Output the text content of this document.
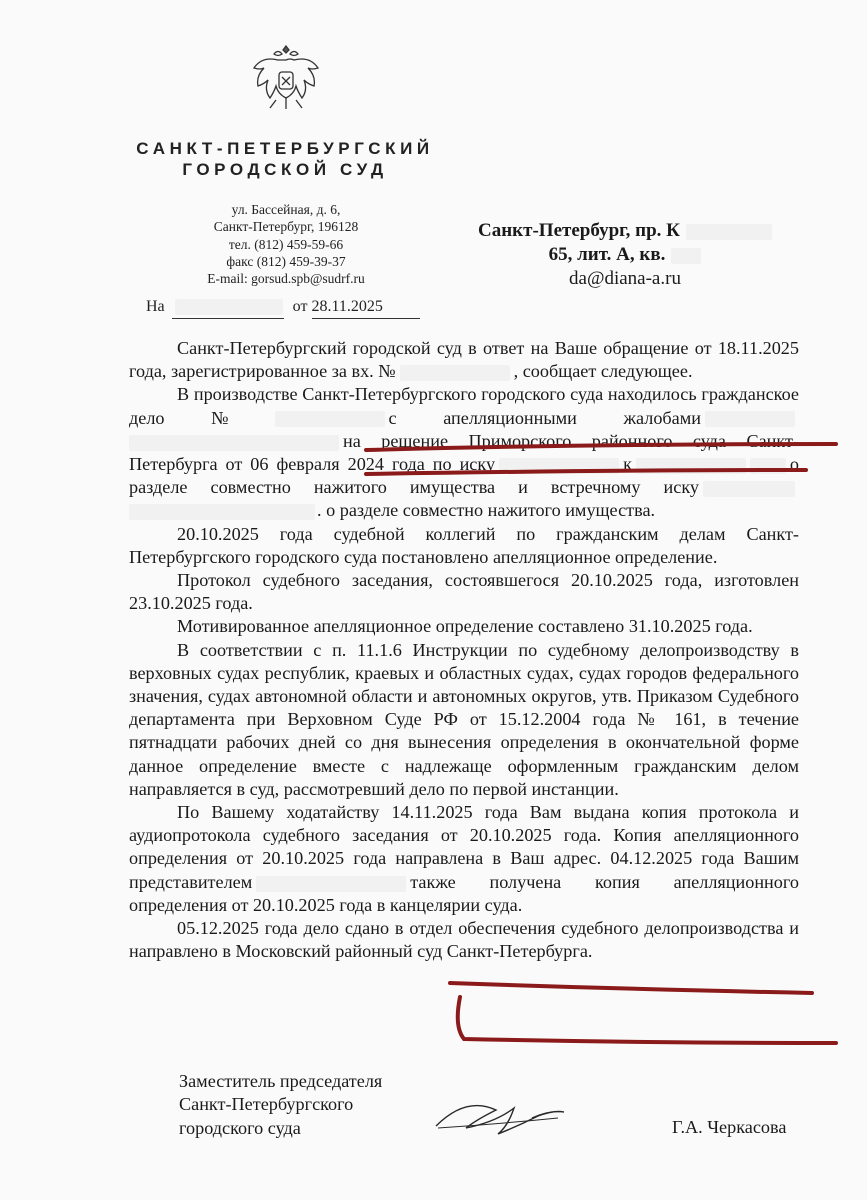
САНКТ-ПЕТЕРБУРГСКИЙ
ГОРОДСКОЙ СУД
ул. Бассейная, д. 6,
Санкт-Петербург, 196128
тел. (812) 459-59-66
факс (812) 459-39-37
E-mail: gorsud.spb@sudrf.ru
Санкт-Петербург, пр. К
65, лит. А, кв.
da@diana-a.ru
На	от 28.11.2025

Санкт-Петербургский городской суд в ответ на Ваше обращение от 18.11.2025 года, зарегистрированное за вх. №	, сообщает следующее.

В производстве Санкт-Петербургского городского суда находилось гражданское дело №	с апелляционными жалобамина решение Приморского районного суда Санкт-Петербурга от 06 февраля 2024 года по иску	к	о разделе совместно нажитого имущества и встречному иску. о разделе совместно нажитого имущества.

20.10.2025 года судебной коллегий по гражданским делам Санкт-Петербургского городского суда постановлено апелляционное определение.

Протокол судебного заседания, состоявшегося 20.10.2025 года, изготовлен 23.10.2025 года.

Мотивированное апелляционное определение составлено 31.10.2025 года.

В соответствии с п. 11.1.6 Инструкции по судебному делопроизводству в верховных судах республик, краевых и областных судах, судах городов федерального значения, судах автономной области и автономных округов, утв. Приказом Судебного департамента при Верховном Суде РФ от 15.12.2004 года № 161, в течение пятнадцати рабочих дней со дня вынесения определения в окончательной форме данное определение вместе с надлежаще оформленным гражданским делом направляется в суд, рассмотревший дело по первой инстанции.

По Вашему ходатайству 14.11.2025 года Вам выдана копия протокола и аудиопротокола судебного заседания от 20.10.2025 года. Копия апелляционного определения от 20.10.2025 года направлена в Ваш адрес. 04.12.2025 года Вашим представителем	также получена копия апелляционного определения от 20.10.2025 года в канцелярии суда.

05.12.2025 года дело сдано в отдел обеспечения судебного делопроизводства и направлено в Московский районный суд Санкт-Петербурга.

Заместитель председателя
Санкт-Петербургского
городского суда	Г.А. Черкасова
